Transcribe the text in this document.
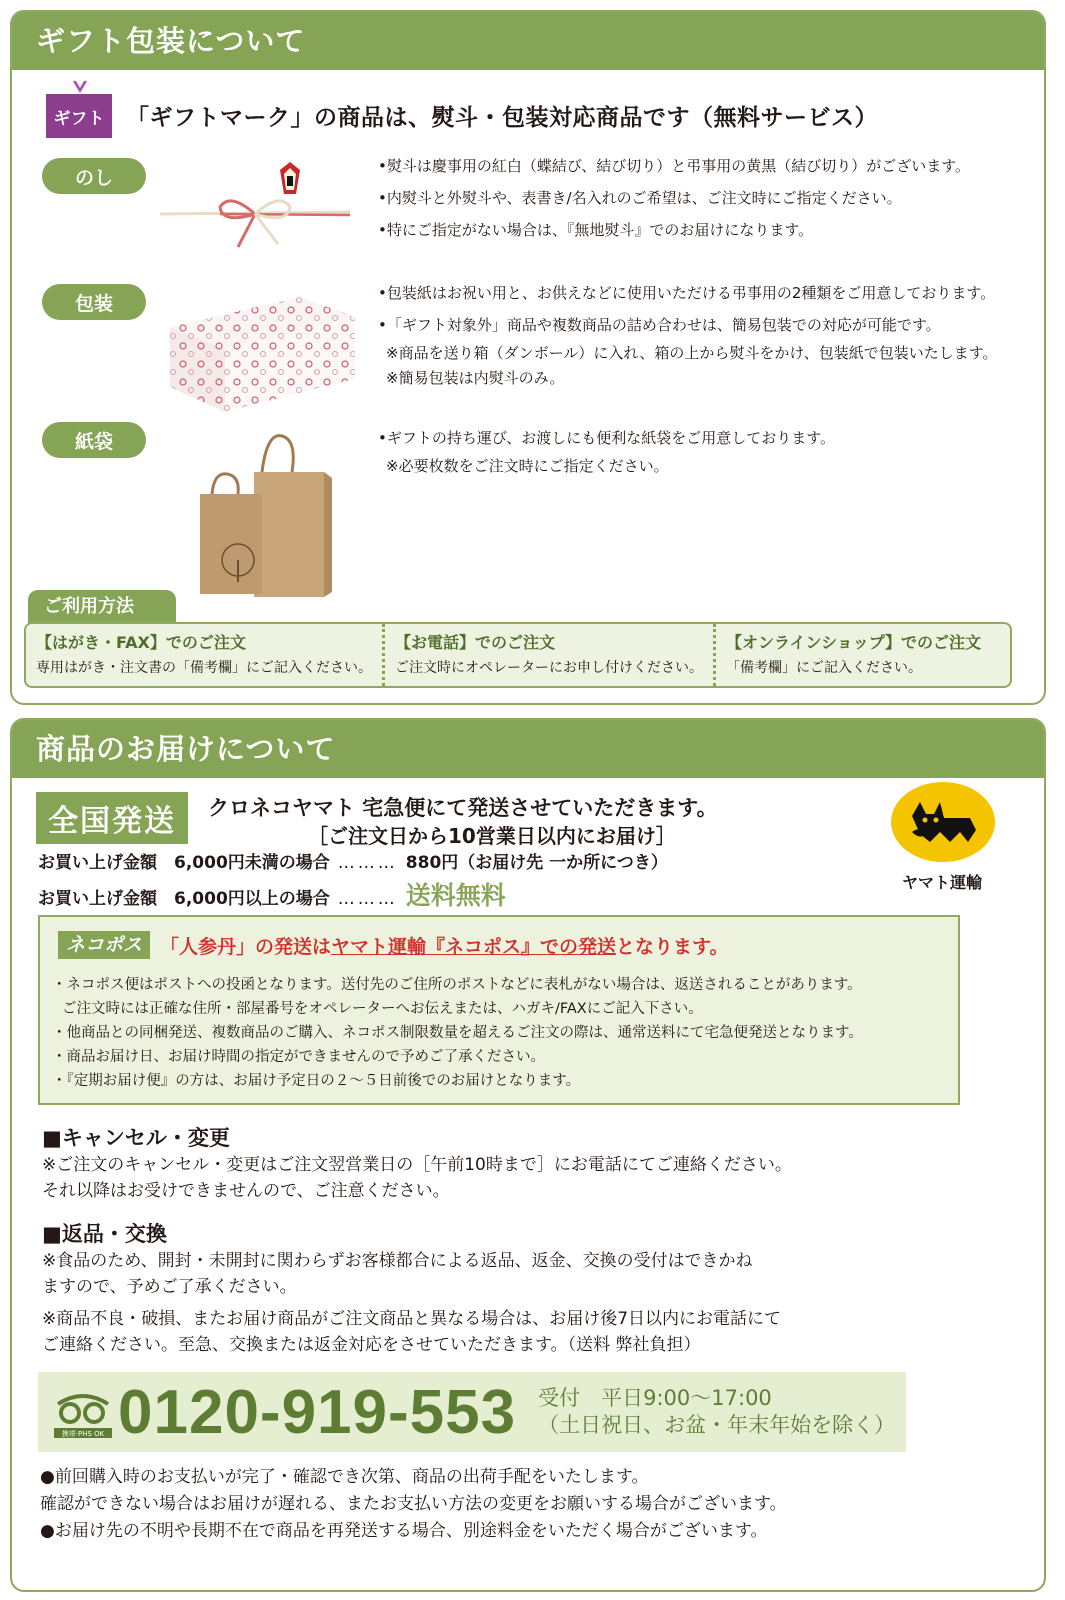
ギフト包装について
ギフト 「ギフトマーク」の商品は、熨斗・包装対応商品です（無料サービス）
のし
•熨斗は慶事用の紅白（蝶結び、結び切り）と弔事用の黄黒（結び切り）がございます。
•内熨斗と外熨斗や、表書き/名入れのご希望は、ご注文時にご指定ください。
•特にご指定がない場合は、『無地熨斗』でのお届けになります。
包装	•包装紙はお祝い用と、お供えなどに使用いただける弔事用の2種類をご用意しております。
•「ギフト対象外」商品や複数商品の詰め合わせは、簡易包装での対応が可能です。
※商品を送り箱（ダンボール）に入れ、箱の上から熨斗をかけ、包装紙で包装いたします。
※簡易包装は内熨斗のみ。
紙袋	•ギフトの持ち運び、お渡しにも便利な紙袋をご用意しております。
※必要枚数をご注文時にご指定ください。
ご利用方法
【はがき・FAX】でのご注文
専用はがき・注文書の「備考欄」にご記入ください。
【お電話】でのご注文
ご注文時にオペレーターにお申し付けください。
【オンラインショップ】でのご注文
「備考欄」にご記入ください。
商品のお届けについて
全国発送	クロネコヤマト 宅急便にて発送させていただきます。
［ご注文日から10営業日以内にお届け］
ヤマト運輸
お買い上げ金額　6,000円未満の場合 ……… 880円（お届け先 一か所につき）
お買い上げ金額　6,000円以上の場合 ……… 送料無料
ネコポス 「人参丹」の発送はヤマト運輸『ネコポス』での発送となります。
・ネコポス便はポストへの投函となります。送付先のご住所のポストなどに表札がない場合は、返送されることがあります。
ご注文時には正確な住所・部屋番号をオペレーターへお伝えまたは、ハガキ/FAXにご記入下さい。
・他商品との同梱発送、複数商品のご購入、ネコポス制限数量を超えるご注文の際は、通常送料にて宅急便発送となります。
・商品お届け日、お届け時間の指定ができませんので予めご了承ください。
・『定期お届け便』の方は、お届け予定日の２～５日前後でのお届けとなります。
■キャンセル・変更
※ご注文のキャンセル・変更はご注文翌営業日の［午前10時まで］にお電話にてご連絡ください。
それ以降はお受けできませんので、ご注意ください。
■返品・交換
※食品のため、開封・未開封に関わらずお客様都合による返品、返金、交換の受付はできかね
ますので、予めご了承ください。
※商品不良・破損、またお届け商品がご注文商品と異なる場合は、お届け後7日以内にお電話にて
ご連絡ください。至急、交換または返金対応をさせていただきます。（送料 弊社負担）
携帯·PHS OK 0120-919-553 受付　平日9:00～17:00
（土日祝日、お盆・年末年始を除く）
●前回購入時のお支払いが完了・確認でき次第、商品の出荷手配をいたします。
確認ができない場合はお届けが遅れる、またお支払い方法の変更をお願いする場合がございます。
●お届け先の不明や長期不在で商品を再発送する場合、別途料金をいただく場合がございます。
